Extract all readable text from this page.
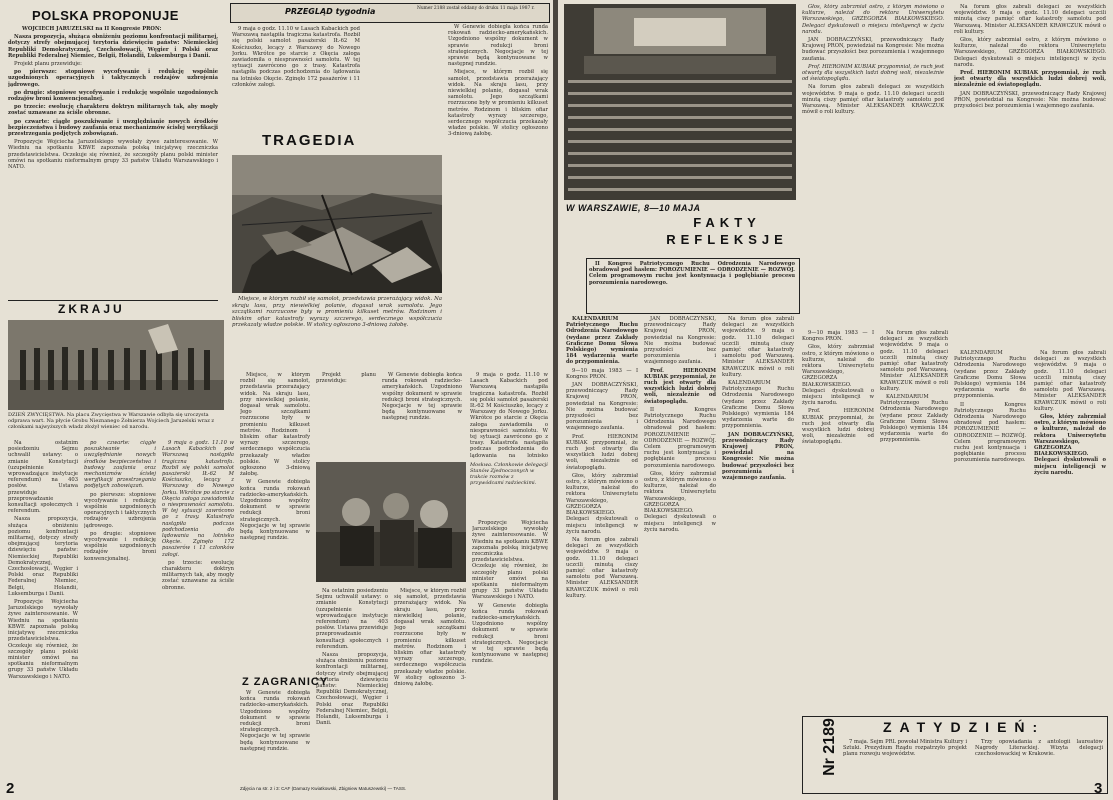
POLSKA PROPONUJE

WOJCIECH JARUZELSKI na II Kongresie PRON:

Nasza propozycja, służąca obniżeniu poziomu konfrontacji militarnej, dotyczy strefy obejmującej terytoria dziewięciu państw: Niemieckiej Republiki Demokratycznej, Czechosłowacji, Węgier i Polski oraz Republiki Federalnej Niemiec, Belgii, Holandii, Luksemburga i Danii.

Projekt planu przewiduje:

po pierwsze: stopniowe wycofywanie i redukcję wspólnie uzgodnionych operacyjnych i taktycznych rodzajów uzbrojenia jądrowego.

po drugie: stopniowe wycofywanie i redukcję wspólnie uzgodnionych rodzajów broni konwencjonalnej.

po trzecie: ewolucję charakteru doktryn militarnych tak, aby mogły zostać uznawane za ściśle obronne.

po czwarte: ciągłe poszukiwanie i uwzględnianie nowych środków bezpieczeństwa i budowy zaufania oraz mechanizmów ścisłej weryfikacji przestrzegania podjętych zobowiązań.

Propozycje Wojciecha Jaruzelskiego wywołały żywe zainteresowanie. W Wiedniu na spotkaniu KBWE zapoznała polską inicjatywę rzeczniczka przedstawicielstwa. Oczekuje się również, że szczegóły planu polski minister omówi na spotkaniu nieformalnym grupy 33 państw Układu Warszawskiego i NATO.

ZKRAJU
PRZEGLĄD tygodnia	Numer 2188 został oddany do druku 11 maja 1987 r.

9 maja o godz. 11.10 w Lasach Kabackich pod Warszawą nastąpiła tragiczna katastrofa. Rozbił się polski samolot pasażerski IŁ-62 M Kościuszko, lecący z Warszawy do Nowego Jorku. Wkrótce po starcie z Okęcia załoga zawiadomiła o niesprawności samolotu. W tej sytuacji zawrócono go z trasy. Katastrofa nastąpiła podczas podchodzenia do lądowania na lotnisko Okęcie. Zginęło 172 pasażerów i 11 członków załogi.

TRAGEDIA

W Genewie dobiegła końca runda rokowań radziecko-amerykańskich. Uzgodniono wspólny dokument w sprawie redukcji broni strategicznych. Negocjacje w tej sprawie będą kontynuowane w następnej rundzie.

Miejsce, w którym rozbił się samolot, przedstawia przerażający widok. Na skraju lasu, przy niewielkiej polanie, dogasał wrak samolotu. Jego szczątkami rozrzucone były w promieniu kilkuset metrów. Rodzinom i bliskim ofiar katastrofy wyrazy szczerego, serdecznego współczucia przekazały władze polskie. W stolicy ogłoszono 3-dniową żałobę.

Miejsce, w którym rozbił się samolot, przedstawia przerażający widok. Na skraju lasu, przy niewielkiej polanie, dogasał wrak samolotu. Jego szczątkami rozrzucone były w promieniu kilkuset metrów. Rodzinom i bliskim ofiar katastrofy wyrazy szczerego, serdecznego współczucia przekazały władze polskie. W stolicy ogłoszono 3-dniową żałobę.

DZIEŃ ZWYCIĘSTWA. Na placu Zwycięstwa w Warszawie odbyła się uroczysta odprawa wart. Na płycie Grobu Nieznanego Żołnierza Wojciech Jaruzelski wraz z członkami najwyższych władz złożył wieniec od narodu.

Na ostatnim posiedzeniu Sejmu uchwalił ustawy: o zmianie Konstytucji (uzupełnienie wprowadzające instytucje referendum) na 403 posłów. Ustawa przewiduje przeprowadzanie konsultacji społecznych i referendum.

Nasza propozycja, służąca obniżeniu poziomu konfrontacji militarnej, dotyczy strefy obejmującej terytoria dziewięciu państw: Niemieckiej Republiki Demokratycznej, Czechosłowacji, Węgier i Polski oraz Republiki Federalnej Niemiec, Belgii, Holandii, Luksemburga i Danii.

Propozycje Wojciecha Jaruzelskiego wywołały żywe zainteresowanie. W Wiedniu na spotkaniu KBWE zapoznała polską inicjatywę rzeczniczka przedstawicielstwa. Oczekuje się również, że szczegóły planu polski minister omówi na spotkaniu nieformalnym grupy 33 państw Układu Warszawskiego i NATO.

po czwarte: ciągłe poszukiwanie i uwzględnianie nowych środków bezpieczeństwa i budowy zaufania oraz mechanizmów ścisłej weryfikacji przestrzegania podjętych zobowiązań.

po pierwsze: stopniowe wycofywanie i redukcję wspólnie uzgodnionych operacyjnych i taktycznych rodzajów uzbrojenia jądrowego.

po drugie: stopniowe wycofywanie i redukcję wspólnie uzgodnionych rodzajów broni konwencjonalnej.

9 maja o godz. 11.10 w Lasach Kabackich pod Warszawą nastąpiła tragiczna katastrofa. Rozbił się polski samolot pasażerski IŁ-62 M Kościuszko, lecący z Warszawy do Nowego Jorku. Wkrótce po starcie z Okęcia załoga zawiadomiła o niesprawności samolotu. W tej sytuacji zawrócono go z trasy. Katastrofa nastąpiła podczas podchodzenia do lądowania na lotnisko Okęcie. Zginęło 172 pasażerów i 11 członków załogi.

po trzecie: ewolucję charakteru doktryn militarnych tak, aby mogły zostać uznawane za ściśle obronne.

Miejsce, w którym rozbił się samolot, przedstawia przerażający widok. Na skraju lasu, przy niewielkiej polanie, dogasał wrak samolotu. Jego szczątkami rozrzucone były w promieniu kilkuset metrów. Rodzinom i bliskim ofiar katastrofy wyrazy szczerego, serdecznego współczucia przekazały władze polskie. W stolicy ogłoszono 3-dniową żałobę.

W Genewie dobiegła końca runda rokowań radziecko-amerykańskich. Uzgodniono wspólny dokument w sprawie redukcji broni strategicznych. Negocjacje w tej sprawie będą kontynuowane w następnej rundzie.

Projekt planu przewiduje:

Moskwa. Członkowie delegacji Stanów Zjednoczonych w trakcie rozmów z przywódcami radzieckimi.

W Genewie dobiegła końca runda rokowań radziecko-amerykańskich. Uzgodniono wspólny dokument w sprawie redukcji broni strategicznych. Negocjacje w tej sprawie będą kontynuowane w następnej rundzie.

9 maja o godz. 11.10 w Lasach Kabackich pod Warszawą nastąpiła tragiczna katastrofa. Rozbił się polski samolot pasażerski IŁ-62 M Kościuszko, lecący z Warszawy do Nowego Jorku. Wkrótce po starcie z Okęcia załoga zawiadomiła o niesprawności samolotu. W tej sytuacji zawrócono go z trasy. Katastrofa nastąpiła podczas podchodzenia do lądowania na lotnisko

Z ZAGRANICY

W Genewie dobiegła końca runda rokowań radziecko-amerykańskich. Uzgodniono wspólny dokument w sprawie redukcji broni strategicznych. Negocjacje w tej sprawie będą kontynuowane w następnej rundzie.

Na ostatnim posiedzeniu Sejmu uchwalił ustawy: o zmianie Konstytucji (uzupełnienie wprowadzające instytucje referendum) na 403 posłów. Ustawa przewiduje przeprowadzanie konsultacji społecznych i referendum.

Nasza propozycja, służąca obniżeniu poziomu konfrontacji militarnej, dotyczy strefy obejmującej terytoria dziewięciu państw: Niemieckiej Republiki Demokratycznej, Czechosłowacji, Węgier i Polski oraz Republiki Federalnej Niemiec, Belgii, Holandii, Luksemburga i Danii.

Miejsce, w którym rozbił się samolot, przedstawia przerażający widok. Na skraju lasu, przy niewielkiej polanie, dogasał wrak samolotu. Jego szczątkami rozrzucone były w promieniu kilkuset metrów. Rodzinom i bliskim ofiar katastrofy wyrazy szczerego, serdecznego współczucia przekazały władze polskie. W stolicy ogłoszono 3-dniową żałobę.

Propozycje Wojciecha Jaruzelskiego wywołały żywe zainteresowanie. W Wiedniu na spotkaniu KBWE zapoznała polską inicjatywę rzeczniczka przedstawicielstwa. Oczekuje się również, że szczegóły planu polski minister omówi na spotkaniu nieformalnym grupy 33 państw Układu Warszawskiego i NATO.

W Genewie dobiegła końca runda rokowań radziecko-amerykańskich. Uzgodniono wspólny dokument w sprawie redukcji broni strategicznych. Negocjacje w tej sprawie będą kontynuowane w następnej rundzie.

Zdjęcia na str. 2 i 3: CAF (Damazy Kwiatkowski, Zbigniew Matuszewski) — TASS.
2
W WARSZAWIE, 8—10 MAJA
FAKTY REFLEKSJE

II Kongres Patriotycznego Ruchu Odrodzenia Narodowego obradował pod hasłem: POROZUMIENIE — ODRODZENIE — ROZWÓJ. Celem programowym ruchu jest kontynuacja i pogłębianie procesu porozumienia narodowego.

KALENDARIUM Patriotycznego Ruchu Odrodzenia Narodowego (wydane przez Zakłady Graficzne Domu Słowa Polskiego) wymienia 184 wydarzenia warte do przypomnienia.

9—10 maja 1983 — I Kongres PRON.

JAN DOBRACZYŃSKI, przewodniczący Rady Krajowej PRON, powiedział na Kongresie: Nie można budować przyszłości bez porozumienia i wzajemnego zaufania.

Prof. HIERONIM KUBIAK przypomniał, że ruch jest otwarty dla wszystkich ludzi dobrej woli, niezależnie od światopoglądu.

Głos, który zabrzmiał ostro, z którym mówiono o kulturze, należał do rektora Uniwersytetu Warszawskiego, GRZEGORZA BIAŁKOWSKIEGO. Delegaci dyskutowali o miejscu inteligencji w życiu narodu.

Na forum głos zabrali delegaci ze wszystkich województw. 9 maja o godz. 11.10 delegaci uczcili minutą ciszy pamięć ofiar katastrofy samolotu pod Warszawą. Minister ALEKSANDER KRAWCZUK mówił o roli kultury.

JAN DOBRACZYŃSKI, przewodniczący Rady Krajowej PRON, powiedział na Kongresie: Nie można budować przyszłości bez porozumienia i wzajemnego zaufania.

Prof. HIERONIM KUBIAK przypomniał, że ruch jest otwarty dla wszystkich ludzi dobrej woli, niezależnie od światopoglądu.

II Kongres Patriotycznego Ruchu Odrodzenia Narodowego obradował pod hasłem: POROZUMIENIE — ODRODZENIE — ROZWÓJ. Celem programowym ruchu jest kontynuacja i pogłębianie procesu porozumienia narodowego.

Głos, który zabrzmiał ostro, z którym mówiono o kulturze, należał do rektora Uniwersytetu Warszawskiego, GRZEGORZA BIAŁKOWSKIEGO. Delegaci dyskutowali o miejscu inteligencji w życiu narodu.

Na forum głos zabrali delegaci ze wszystkich województw. 9 maja o godz. 11.10 delegaci uczcili minutą ciszy pamięć ofiar katastrofy samolotu pod Warszawą. Minister ALEKSANDER KRAWCZUK mówił o roli kultury.

KALENDARIUM Patriotycznego Ruchu Odrodzenia Narodowego (wydane przez Zakłady Graficzne Domu Słowa Polskiego) wymienia 184 wydarzenia warte do przypomnienia.

JAN DOBRACZYŃSKI, przewodniczący Rady Krajowej PRON, powiedział na Kongresie: Nie można budować przyszłości bez porozumienia i wzajemnego zaufania.

Głos, który zabrzmiał ostro, z którym mówiono o kulturze, należał do rektora Uniwersytetu Warszawskiego, GRZEGORZA BIAŁKOWSKIEGO. Delegaci dyskutowali o miejscu inteligencji w życiu narodu.

JAN DOBRACZYŃSKI, przewodniczący Rady Krajowej PRON, powiedział na Kongresie: Nie można budować przyszłości bez porozumienia i wzajemnego zaufania.

Prof. HIERONIM KUBIAK przypomniał, że ruch jest otwarty dla wszystkich ludzi dobrej woli, niezależnie od światopoglądu.

Na forum głos zabrali delegaci ze wszystkich województw. 9 maja o godz. 11.10 delegaci uczcili minutą ciszy pamięć ofiar katastrofy samolotu pod Warszawą. Minister ALEKSANDER KRAWCZUK mówił o roli kultury.

9—10 maja 1983 — I Kongres PRON.

Głos, który zabrzmiał ostro, z którym mówiono o kulturze, należał do rektora Uniwersytetu Warszawskiego, GRZEGORZA BIAŁKOWSKIEGO. Delegaci dyskutowali o miejscu inteligencji w życiu narodu.

Prof. HIERONIM KUBIAK przypomniał, że ruch jest otwarty dla wszystkich ludzi dobrej woli, niezależnie od światopoglądu.

Na forum głos zabrali delegaci ze wszystkich województw. 9 maja o godz. 11.10 delegaci uczcili minutą ciszy pamięć ofiar katastrofy samolotu pod Warszawą. Minister ALEKSANDER KRAWCZUK mówił o roli kultury.

KALENDARIUM Patriotycznego Ruchu Odrodzenia Narodowego (wydane przez Zakłady Graficzne Domu Słowa Polskiego) wymienia 184 wydarzenia warte do przypomnienia.

Na forum głos zabrali delegaci ze wszystkich województw. 9 maja o godz. 11.10 delegaci uczcili minutą ciszy pamięć ofiar katastrofy samolotu pod Warszawą. Minister ALEKSANDER KRAWCZUK mówił o roli kultury.

Głos, który zabrzmiał ostro, z którym mówiono o kulturze, należał do rektora Uniwersytetu Warszawskiego, GRZEGORZA BIAŁKOWSKIEGO. Delegaci dyskutowali o miejscu inteligencji w życiu narodu.

Prof. HIERONIM KUBIAK przypomniał, że ruch jest otwarty dla wszystkich ludzi dobrej woli, niezależnie od światopoglądu.

JAN DOBRACZYŃSKI, przewodniczący Rady Krajowej PRON, powiedział na Kongresie: Nie można budować przyszłości bez porozumienia i wzajemnego zaufania.

KALENDARIUM Patriotycznego Ruchu Odrodzenia Narodowego (wydane przez Zakłady Graficzne Domu Słowa Polskiego) wymienia 184 wydarzenia warte do przypomnienia.

II Kongres Patriotycznego Ruchu Odrodzenia Narodowego obradował pod hasłem: POROZUMIENIE — ODRODZENIE — ROZWÓJ. Celem programowym ruchu jest kontynuacja i pogłębianie procesu porozumienia narodowego.

Na forum głos zabrali delegaci ze wszystkich województw. 9 maja o godz. 11.10 delegaci uczcili minutą ciszy pamięć ofiar katastrofy samolotu pod Warszawą. Minister ALEKSANDER KRAWCZUK mówił o roli kultury.

Głos, który zabrzmiał ostro, z którym mówiono o kulturze, należał do rektora Uniwersytetu Warszawskiego, GRZEGORZA BIAŁKOWSKIEGO. Delegaci dyskutowali o miejscu inteligencji w życiu narodu.

Nr 2189	ZATYDZIEŃ:

7 maja. Sejm PRL powołał Ministra Kultury i Sztuki. Prezydium Rządu rozpatrzyło projekt planu rozwoju województw.

Trzy opowiadania z antologii laureatów Nagrody Literackiej. Wizyta delegacji czechosłowackiej w Krakowie.

3
